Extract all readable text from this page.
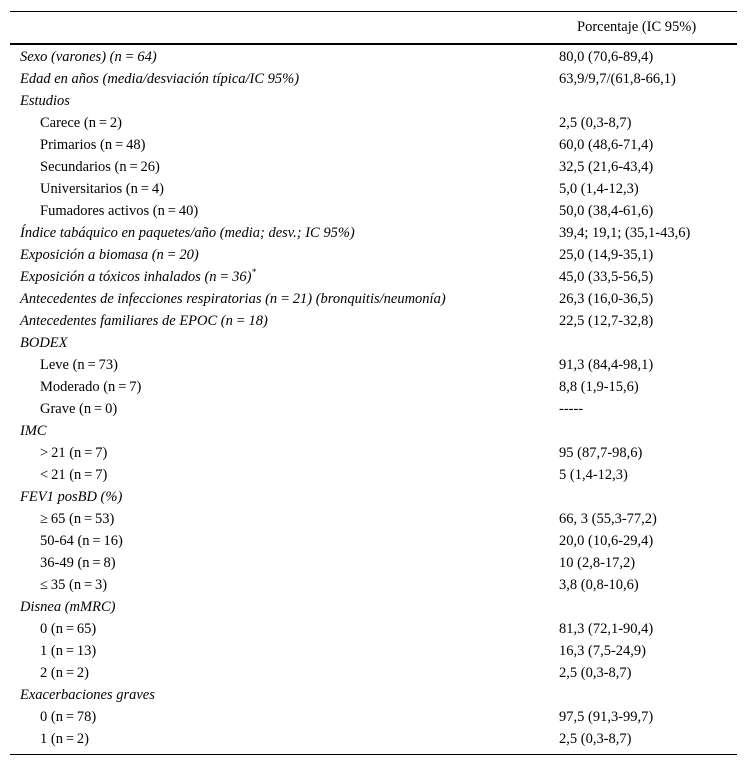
Porcentaje (IC 95%)
Sexo (varones) (n = 64)	80,0 (70,6-89,4)
Edad en años (media/desviación típica/IC 95%)	63,9/9,7/(61,8-66,1)
Estudios
Carece (n = 2)	2,5 (0,3-8,7)
Primarios (n = 48)	60,0 (48,6-71,4)
Secundarios (n = 26)	32,5 (21,6-43,4)
Universitarios (n = 4)	5,0 (1,4-12,3)
Fumadores activos (n = 40)	50,0 (38,4-61,6)
Índice tabáquico en paquetes/año (media; desv.; IC 95%)	39,4; 19,1; (35,1-43,6)
Exposición a biomasa (n = 20)	25,0 (14,9-35,1)
Exposición a tóxicos inhalados (n = 36)*	45,0 (33,5-56,5)
Antecedentes de infecciones respiratorias (n = 21) (bronquitis/neumonía)	26,3 (16,0-36,5)
Antecedentes familiares de EPOC (n = 18)	22,5 (12,7-32,8)
BODEX
Leve (n = 73)	91,3 (84,4-98,1)
Moderado (n = 7)	8,8 (1,9-15,6)
Grave (n = 0)	-----
IMC
> 21 (n = 7)	95 (87,7-98,6)
< 21 (n = 7)	5 (1,4-12,3)
FEV1 posBD (%)
≥ 65 (n = 53)	66, 3 (55,3-77,2)
50-64 (n = 16)	20,0 (10,6-29,4)
36-49 (n = 8)	10 (2,8-17,2)
≤ 35 (n = 3)	3,8 (0,8-10,6)
Disnea (mMRC)
0 (n = 65)	81,3 (72,1-90,4)
1 (n = 13)	16,3 (7,5-24,9)
2 (n = 2)	2,5 (0,3-8,7)
Exacerbaciones graves
0 (n = 78)	97,5 (91,3-99,7)
1 (n = 2)	2,5 (0,3-8,7)
